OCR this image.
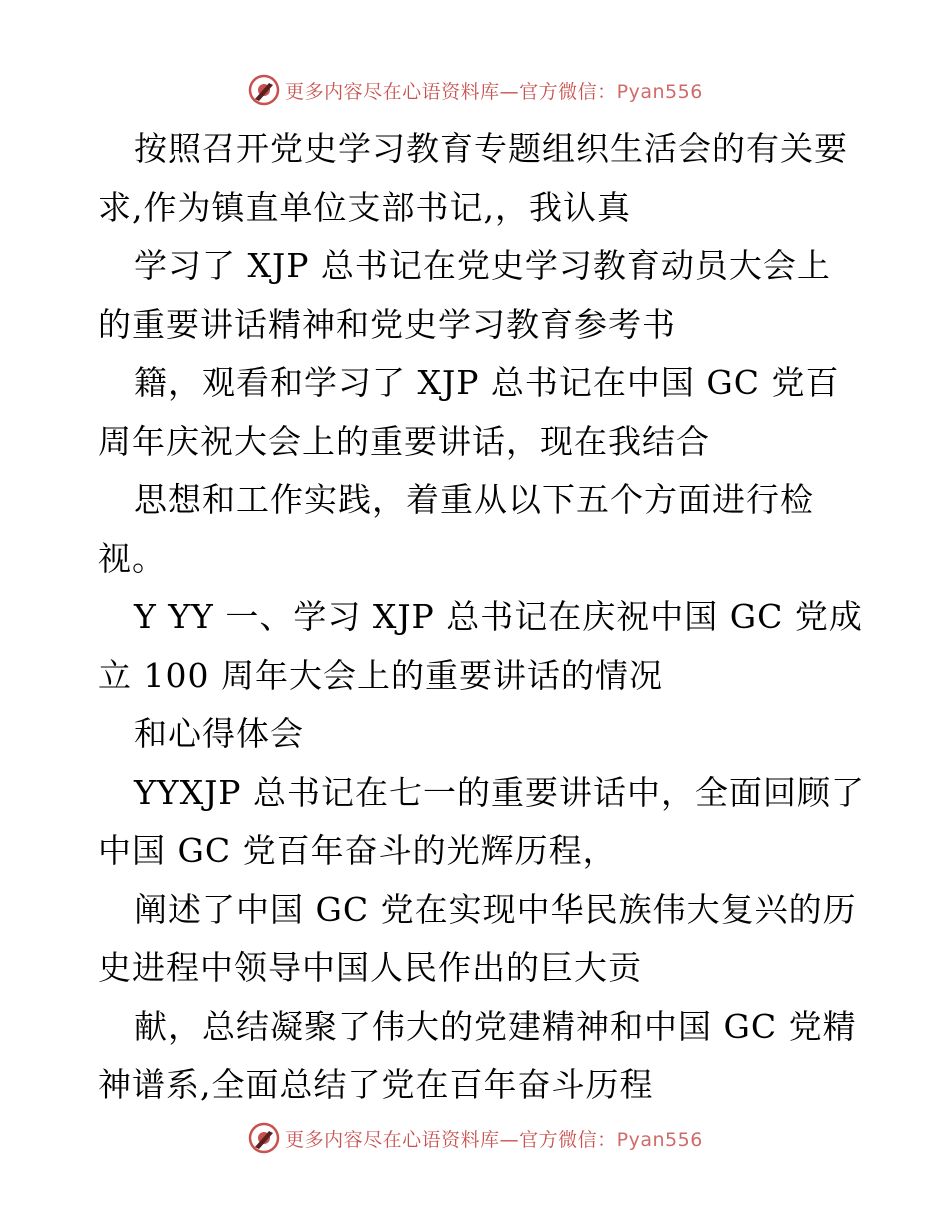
更多内容尽在心语资料库—官方微信：Pyan556
按照召开党史学习教育专题组织生活会的有关要
求,作为镇直单位支部书记,，我认真
学习了 XJP 总书记在党史学习教育动员大会上
的重要讲话精神和党史学习教育参考书
籍，观看和学习了 XJP 总书记在中国 GC 党百
周年庆祝大会上的重要讲话，现在我结合
思想和工作实践，着重从以下五个方面进行检
视。
Y YY 一、学习 XJP 总书记在庆祝中国 GC 党成
立 100 周年大会上的重要讲话的情况
和心得体会
YYXJP 总书记在七一的重要讲话中，全面回顾了
中国 GC 党百年奋斗的光辉历程，
阐述了中国 GC 党在实现中华民族伟大复兴的历
史进程中领导中国人民作出的巨大贡
献，总结凝聚了伟大的党建精神和中国 GC 党精
神谱系,全面总结了党在百年奋斗历程
更多内容尽在心语资料库—官方微信：Pyan556
